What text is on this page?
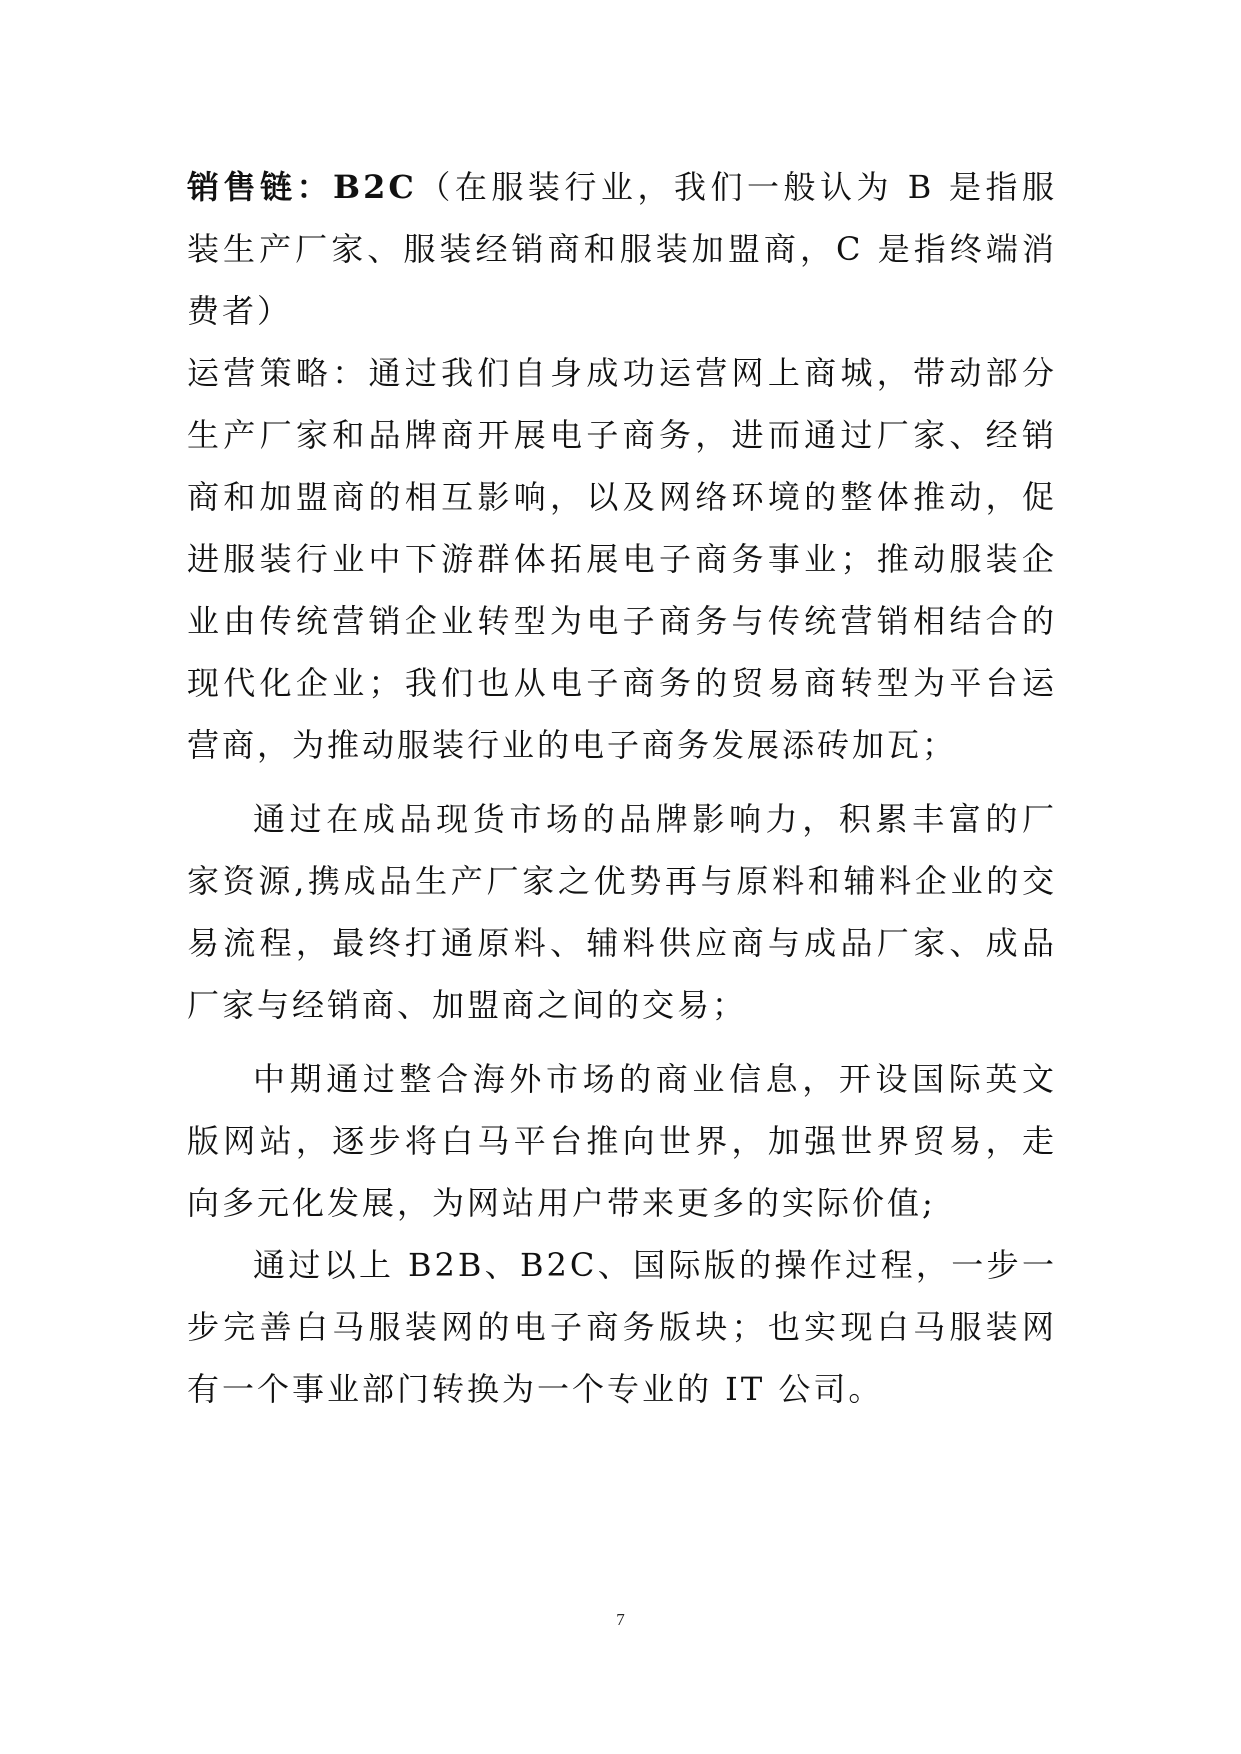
销售链：B2C（在服装行业，我们一般认为 B 是指服装生产厂家、服装经销商和服装加盟商，C 是指终端消费者）

运营策略：通过我们自身成功运营网上商城，带动部分生产厂家和品牌商开展电子商务，进而通过厂家、经销商和加盟商的相互影响，以及网络环境的整体推动，促进服装行业中下游群体拓展电子商务事业；推动服装企业由传统营销企业转型为电子商务与传统营销相结合的现代化企业；我们也从电子商务的贸易商转型为平台运营商，为推动服装行业的电子商务发展添砖加瓦；

通过在成品现货市场的品牌影响力，积累丰富的厂家资源,携成品生产厂家之优势再与原料和辅料企业的交易流程，最终打通原料、辅料供应商与成品厂家、成品厂家与经销商、加盟商之间的交易；

中期通过整合海外市场的商业信息，开设国际英文版网站，逐步将白马平台推向世界，加强世界贸易，走向多元化发展，为网站用户带来更多的实际价值;

通过以上 B2B、B2C、国际版的操作过程，一步一步完善白马服装网的电子商务版块；也实现白马服装网有一个事业部门转换为一个专业的 IT 公司。

7
